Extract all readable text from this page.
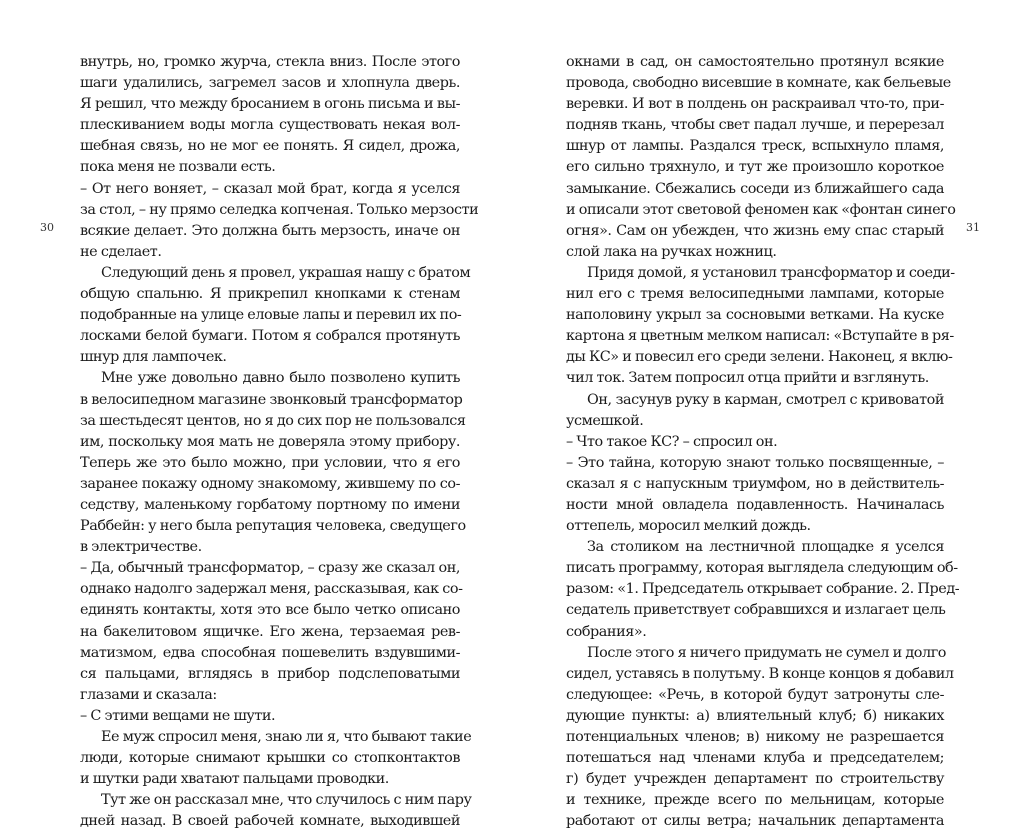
30	31
внутрь, но, громко журча, стекла вниз. После этого
шаги удалились, загремел засов и хлопнула дверь.
Я решил, что между бросанием в огонь письма и вы-
плескиванием воды могла существовать некая вол-
шебная связь, но не мог ее понять. Я сидел, дрожа,
пока меня не позвали есть.
– От него воняет, – сказал мой брат, когда я уселся
за стол, – ну прямо селедка копченая. Только мерзости
всякие делает. Это должна быть мерзость, иначе он
не сделает.
Следующий день я провел, украшая нашу с братом
общую спальню. Я прикрепил кнопками к стенам
подобранные на улице еловые лапы и перевил их по-
лосками белой бумаги. Потом я собрался протянуть
шнур для лампочек.
Мне уже довольно давно было позволено купить
в велосипедном магазине звонковый трансформатор
за шестьдесят центов, но я до сих пор не пользовался
им, поскольку моя мать не доверяла этому прибору.
Теперь же это было можно, при условии, что я его
заранее покажу одному знакомому, жившему по со-
седству, маленькому горбатому портному по имени
Раббейн: у него была репутация человека, сведущего
в электричестве.
– Да, обычный трансформатор, – сразу же сказал он,
однако надолго задержал меня, рассказывая, как со-
единять контакты, хотя это все было четко описано
на бакелитовом ящичке. Его жена, терзаемая рев-
матизмом, едва способная пошевелить вздувшими-
ся пальцами, вглядясь в прибор подслеповатыми
глазами и сказала:
– С этими вещами не шути.
Ее муж спросил меня, знаю ли я, что бывают такие
люди, которые снимают крышки со стопконтактов
и шутки ради хватают пальцами проводки.
Тут же он рассказал мне, что случилось с ним пару
дней назад. В своей рабочей комнате, выходившей
окнами в сад, он самостоятельно протянул всякие
провода, свободно висевшие в комнате, как бельевые
веревки. И вот в полдень он раскраивал что-то, при-
подняв ткань, чтобы свет падал лучше, и перерезал
шнур от лампы. Раздался треск, вспыхнуло пламя,
его сильно тряхнуло, и тут же произошло короткое
замыкание. Сбежались соседи из ближайшего сада
и описали этот световой феномен как «фонтан синего
огня». Сам он убежден, что жизнь ему спас старый
слой лака на ручках ножниц.
Придя домой, я установил трансформатор и соеди-
нил его с тремя велосипедными лампами, которые
наполовину укрыл за сосновыми ветками. На куске
картона я цветным мелком написал: «Вступайте в ря-
ды КС» и повесил его среди зелени. Наконец, я вклю-
чил ток. Затем попросил отца прийти и взглянуть.
Он, засунув руку в карман, смотрел с кривоватой
усмешкой.
– Что такое КС? – спросил он.
– Это тайна, которую знают только посвященные, –
сказал я с напускным триумфом, но в действитель-
ности мной овладела подавленность. Начиналась
оттепель, моросил мелкий дождь.
За столиком на лестничной площадке я уселся
писать программу, которая выглядела следующим об-
разом: «1. Председатель открывает собрание. 2. Пред-
седатель приветствует собравшихся и излагает цель
собрания».
После этого я ничего придумать не сумел и долго
сидел, уставясь в полутьму. В конце концов я добавил
следующее: «Речь, в которой будут затронуты сле-
дующие пункты: а) влиятельный клуб; б) никаких
потенциальных членов; в) никому не разрешается
потешаться над членами клуба и председателем;
г) будет учрежден департамент по строительству
и технике, прежде всего по мельницам, которые
работают от силы ветра; начальник департамента
